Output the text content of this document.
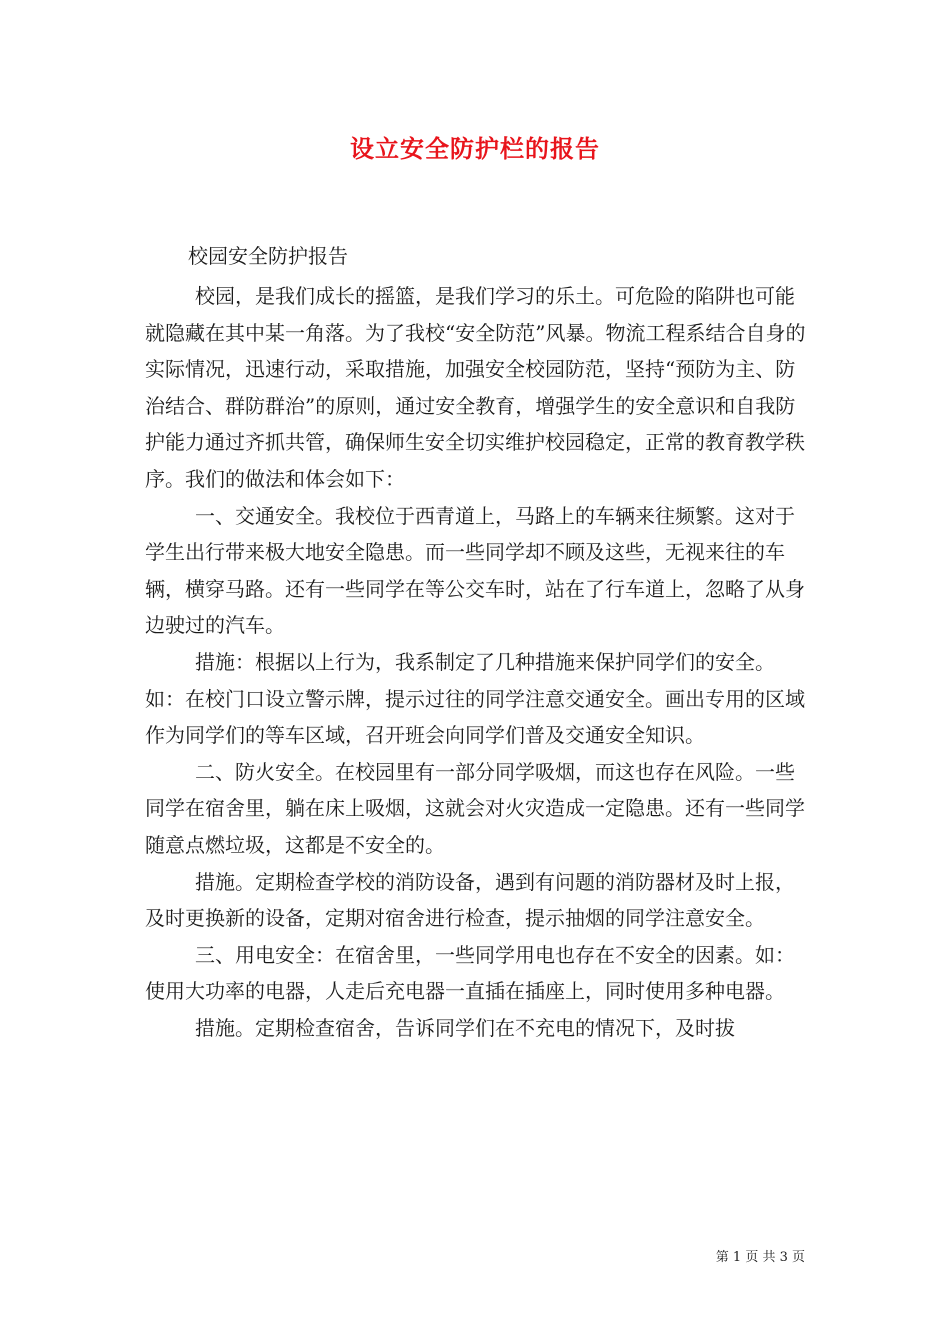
设立安全防护栏的报告
校园安全防护报告

校园，是我们成长的摇篮，是我们学习的乐土。可危险的陷阱也可能就隐藏在其中某一角落。为了我校“安全防范”风暴。物流工程系结合自身的实际情况，迅速行动，采取措施，加强安全校园防范，坚持“预防为主、防治结合、群防群治”的原则，通过安全教育，增强学生的安全意识和自我防护能力通过齐抓共管，确保师生安全切实维护校园稳定，正常的教育教学秩序。我们的做法和体会如下：

一、交通安全。我校位于西青道上，马路上的车辆来往频繁。这对于学生出行带来极大地安全隐患。而一些同学却不顾及这些，无视来往的车辆，横穿马路。还有一些同学在等公交车时，站在了行车道上，忽略了从身边驶过的汽车。

措施：根据以上行为，我系制定了几种措施来保护同学们的安全。如：在校门口设立警示牌，提示过往的同学注意交通安全。画出专用的区域作为同学们的等车区域，召开班会向同学们普及交通安全知识。

二、防火安全。在校园里有一部分同学吸烟，而这也存在风险。一些同学在宿舍里，躺在床上吸烟，这就会对火灾造成一定隐患。还有一些同学随意点燃垃圾，这都是不安全的。

措施。定期检查学校的消防设备，遇到有问题的消防器材及时上报，及时更换新的设备，定期对宿舍进行检查，提示抽烟的同学注意安全。

三、用电安全：在宿舍里，一些同学用电也存在不安全的因素。如：使用大功率的电器，人走后充电器一直插在插座上，同时使用多种电器。

措施。定期检查宿舍，告诉同学们在不充电的情况下，及时拔

第 1 页 共 3 页
